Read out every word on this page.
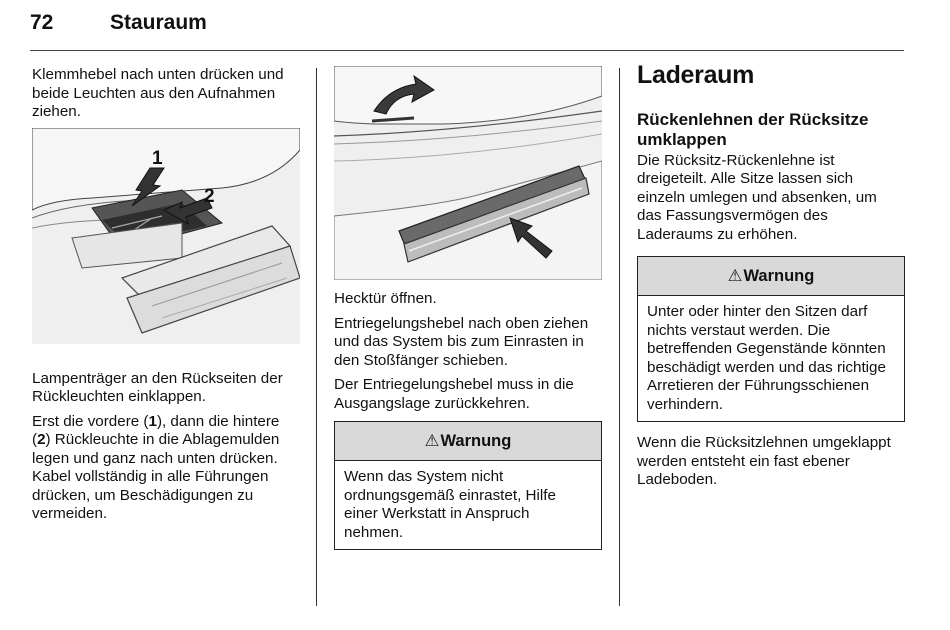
72	Stauraum

Klemmhebel nach unten drücken und beide Leuchten aus den Aufnahmen ziehen.

1
2

Lampenträger an den Rückseiten der Rückleuchten einklappen.

Erst die vordere (1), dann die hintere (2) Rückleuchte in die Ablagemulden legen und ganz nach unten drücken. Kabel vollständig in alle Führungen drücken, um Beschädigungen zu vermeiden.

Hecktür öffnen.

Entriegelungshebel nach oben ziehen und das System bis zum Einrasten in den Stoßfänger schieben.

Der Entriegelungshebel muss in die Ausgangslage zurückkehren.

⚠Warnung
Wenn das System nicht ordnungsgemäß einrastet, Hilfe einer Werkstatt in Anspruch nehmen.
Laderaum
Rückenlehnen der Rücksitze umklappen

Die Rücksitz-Rückenlehne ist dreigeteilt. Alle Sitze lassen sich einzeln umlegen und absenken, um das Fassungsvermögen des Laderaums zu erhöhen.

⚠Warnung
Unter oder hinter den Sitzen darf nichts verstaut werden. Die betreffenden Gegenstände könnten beschädigt werden und das richtige Arretieren der Führungsschienen verhindern.

Wenn die Rücksitzlehnen umgeklappt werden entsteht ein fast ebener Ladeboden.
